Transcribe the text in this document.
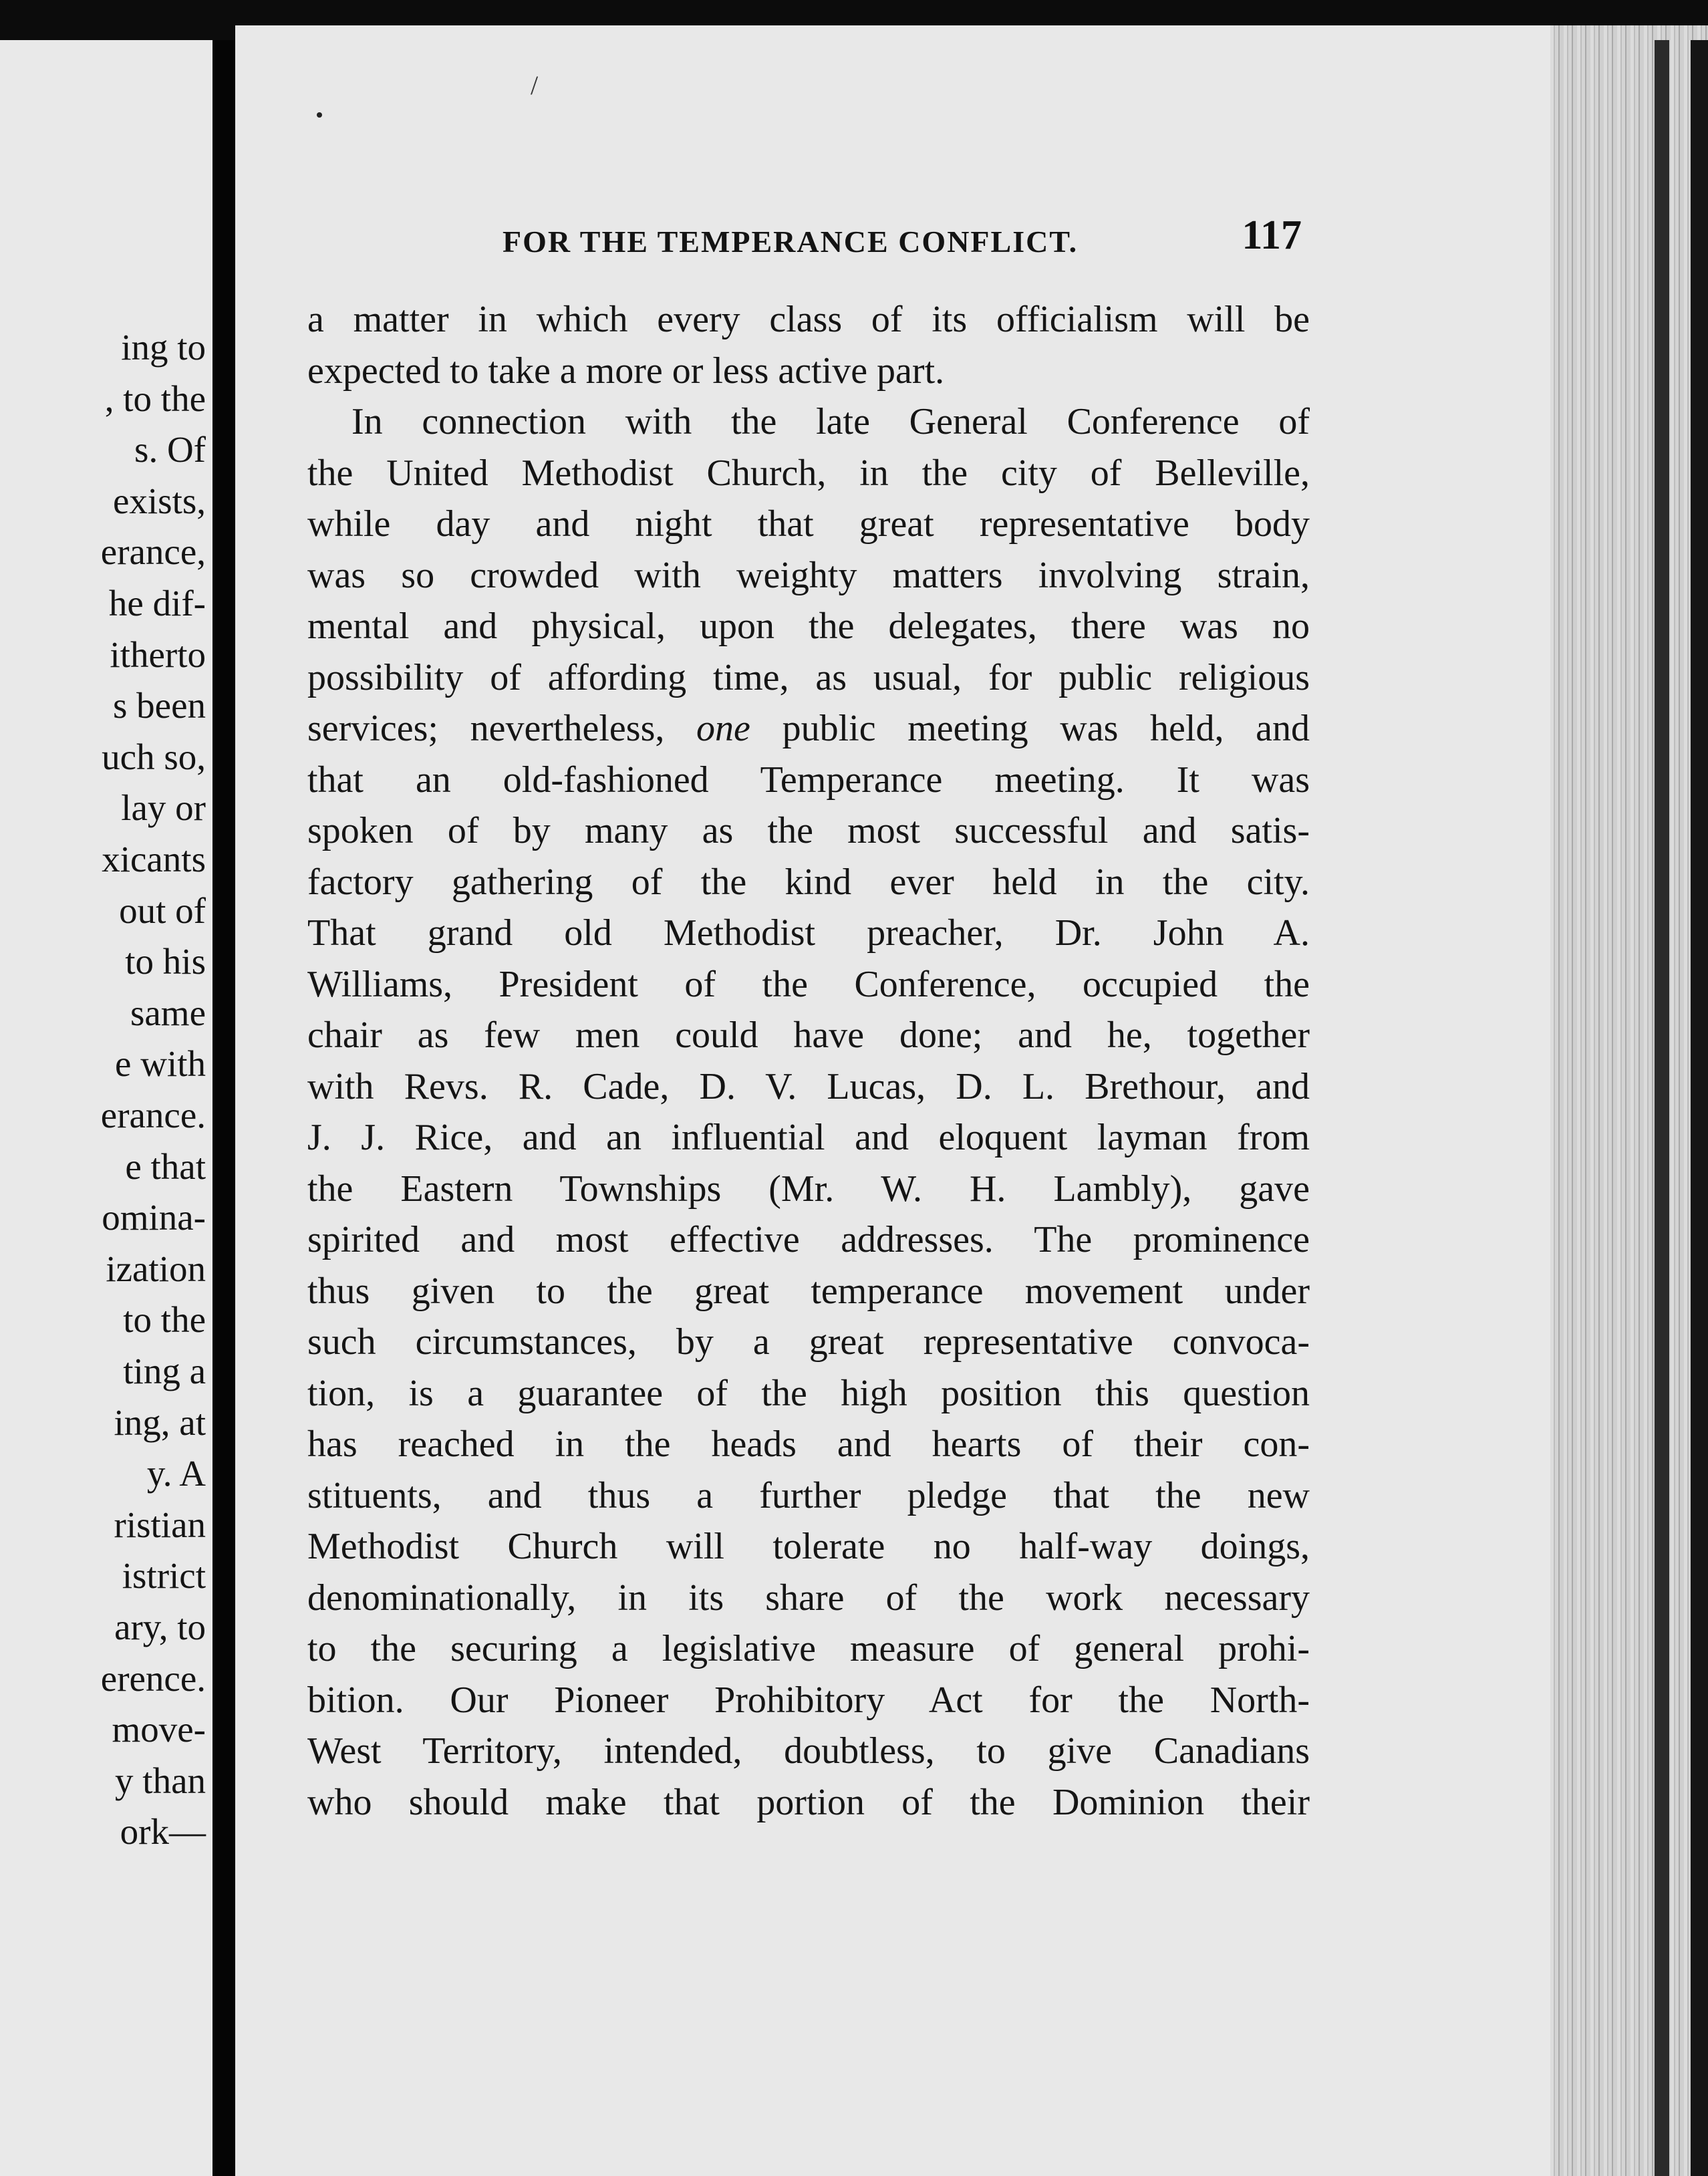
ing to
, to the
s. Of
exists,
erance,
he dif-
itherto
s been
uch so,
lay or
xicants
out of
to his
same
e with
erance.
e that
omina-
ization
to the
ting a
ing, at
y. A
ristian
istrict
ary, to
erence.
move-
y than
ork—
/
FOR THE TEMPERANCE CONFLICT.	117
a matter in which every class of its officialism will be
expected to take a more or less active part.
In connection with the late General Conference of
the United Methodist Church, in the city of Belleville,
while day and night that great representative body
was so crowded with weighty matters involving strain,
mental and physical, upon the delegates, there was no
possibility of affording time, as usual, for public religious
services; nevertheless, one public meeting was held, and
that an old-fashioned Temperance meeting. It was
spoken of by many as the most successful and satis-
factory gathering of the kind ever held in the city.
That grand old Methodist preacher, Dr. John A.
Williams, President of the Conference, occupied the
chair as few men could have done; and he, together
with Revs. R. Cade, D. V. Lucas, D. L. Brethour, and
J. J. Rice, and an influential and eloquent layman from
the Eastern Townships (Mr. W. H. Lambly), gave
spirited and most effective addresses. The prominence
thus given to the great temperance movement under
such circumstances, by a great representative convoca-
tion, is a guarantee of the high position this question
has reached in the heads and hearts of their con-
stituents, and thus a further pledge that the new
Methodist Church will tolerate no half-way doings,
denominationally, in its share of the work necessary
to the securing a legislative measure of general prohi-
bition. Our Pioneer Prohibitory Act for the North-
West Territory, intended, doubtless, to give Canadians
who should make that portion of the Dominion their
